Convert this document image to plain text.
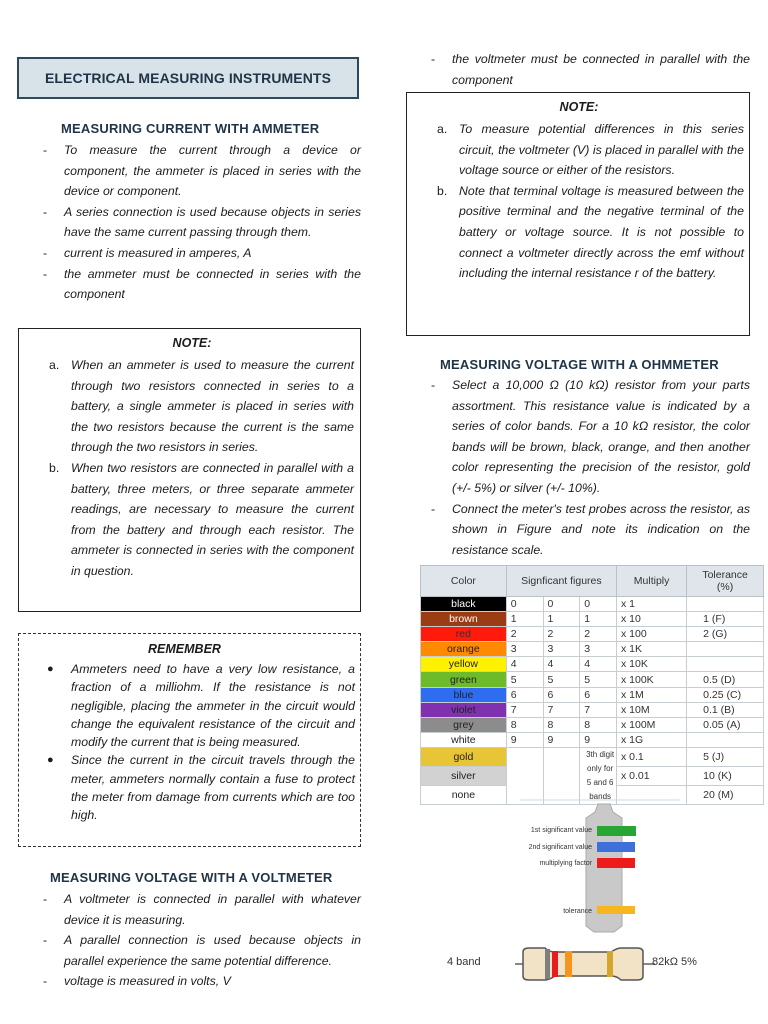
ELECTRICAL MEASURING INSTRUMENTS
MEASURING CURRENT WITH AMMETER
- To measure the current through a device or component, the ammeter is placed in series with the device or component.
- A series connection is used because objects in series have the same current passing through them.
- current is measured in amperes, A
- the ammeter must be connected in series with the component
NOTE:
a. When an ammeter is used to measure the current through two resistors connected in series to a battery, a single ammeter is placed in series with the two resistors because the current is the same through the two resistors in series.
b. When two resistors are connected in parallel with a battery, three meters, or three separate ammeter readings, are necessary to measure the current from the battery and through each resistor. The ammeter is connected in series with the component in question.
REMEMBER
● Ammeters need to have a very low resistance, a fraction of a milliohm. If the resistance is not negligible, placing the ammeter in the circuit would change the equivalent resistance of the circuit and modify the current that is being measured.
● Since the current in the circuit travels through the meter, ammeters normally contain a fuse to protect the meter from damage from currents which are too high.
MEASURING VOLTAGE WITH A VOLTMETER
- A voltmeter is connected in parallel with whatever device it is measuring.
- A parallel connection is used because objects in parallel experience the same potential difference.
- voltage is measured in volts, V
- the voltmeter must be connected in parallel with the component
NOTE:
a. To measure potential differences in this series circuit, the voltmeter (V) is placed in parallel with the voltage source or either of the resistors.
b. Note that terminal voltage is measured between the positive terminal and the negative terminal of the battery or voltage source. It is not possible to connect a voltmeter directly across the emf without including the internal resistance r of the battery.
MEASURING VOLTAGE WITH A OHMMETER
- Select a 10,000 Ω (10 kΩ) resistor from your parts assortment. This resistance value is indicated by a series of color bands. For a 10 kΩ resistor, the color bands will be brown, black, orange, and then another color representing the precision of the resistor, gold (+/- 5%) or silver (+/- 10%).
- Connect the meter's test probes across the resistor, as shown in Figure and note its indication on the resistance scale.
Color	Signficant figures			Multiply	Tolerance
(%)
black	0	0	0	x 1	
brown	1	1	1	x 10	1 (F)
red	2	2	2	x 100	2 (G)
orange	3	3	3	x 1K	
yellow	4	4	4	x 10K	
green	5	5	5	x 100K	0.5 (D)
blue	6	6	6	x 1M	0.25 (C)
violet	7	7	7	x 10M	0.1 (B)
grey	8	8	8	x 100M	0.05 (A)
white	9	9	9	x 1G	
gold			3th digit only for 5 and 6 bands	x 0.1	5 (J)
silver				x 0.01	10 (K)
none					20 (M)
1st significant value
2nd significant value
multiplying factor
tolerance
4 band	82kΩ 5%
